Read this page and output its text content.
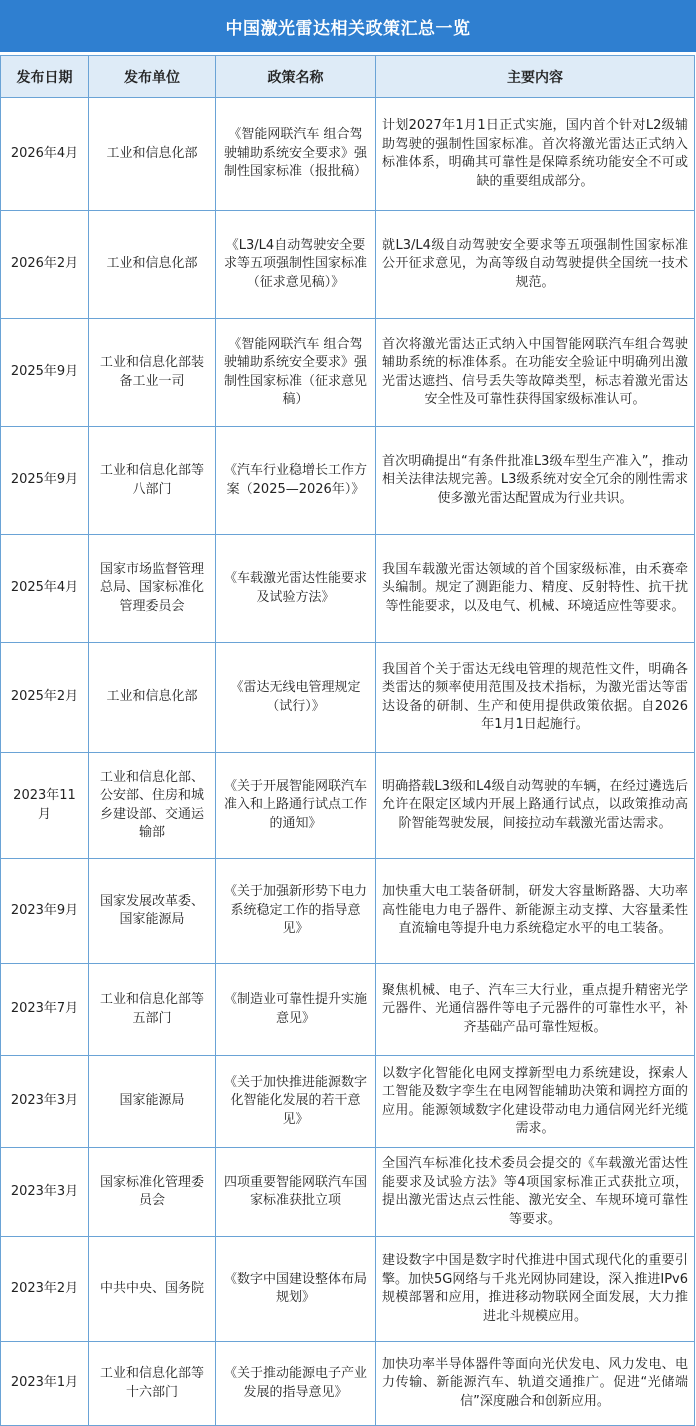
中国激光雷达相关政策汇总一览
发布日期	发布单位	政策名称	主要内容
2026年4月	工业和信息化部	《智能网联汽车 组合驾驶辅助系统安全要求》强制性国家标准（报批稿）	计划2027年1月1日正式实施，国内首个针对L2级辅助驾驶的强制性国家标准。首次将激光雷达正式纳入标准体系，明确其可靠性是保障系统功能安全不可或缺的重要组成部分。
2026年2月	工业和信息化部	《L3/L4自动驾驶安全要求等五项强制性国家标准（征求意见稿）》	就L3/L4级自动驾驶安全要求等五项强制性国家标准公开征求意见，为高等级自动驾驶提供全国统一技术规范。
2025年9月	工业和信息化部装备工业一司	《智能网联汽车 组合驾驶辅助系统安全要求》强制性国家标准（征求意见稿）	首次将激光雷达正式纳入中国智能网联汽车组合驾驶辅助系统的标准体系。在功能安全验证中明确列出激光雷达遮挡、信号丢失等故障类型，标志着激光雷达安全性及可靠性获得国家级标准认可。
2025年9月	工业和信息化部等八部门	《汽车行业稳增长工作方案（2025—2026年）》	首次明确提出“有条件批准L3级车型生产准入”，推动相关法律法规完善。L3级系统对安全冗余的刚性需求使多激光雷达配置成为行业共识。
2025年4月	国家市场监督管理总局、国家标准化管理委员会	《车载激光雷达性能要求及试验方法》	我国车载激光雷达领域的首个国家级标准，由禾赛牵头编制。规定了测距能力、精度、反射特性、抗干扰等性能要求，以及电气、机械、环境适应性等要求。
2025年2月	工业和信息化部	《雷达无线电管理规定（试行）》	我国首个关于雷达无线电管理的规范性文件，明确各类雷达的频率使用范围及技术指标，为激光雷达等雷达设备的研制、生产和使用提供政策依据。自2026年1月1日起施行。
2023年11月	工业和信息化部、公安部、住房和城乡建设部、交通运输部	《关于开展智能网联汽车准入和上路通行试点工作的通知》	明确搭载L3级和L4级自动驾驶的车辆，在经过遴选后允许在限定区域内开展上路通行试点，以政策推动高阶智能驾驶发展，间接拉动车载激光雷达需求。
2023年9月	国家发展改革委、国家能源局	《关于加强新形势下电力系统稳定工作的指导意见》	加快重大电工装备研制，研发大容量断路器、大功率高性能电力电子器件、新能源主动支撑、大容量柔性直流输电等提升电力系统稳定水平的电工装备。
2023年7月	工业和信息化部等五部门	《制造业可靠性提升实施意见》	聚焦机械、电子、汽车三大行业，重点提升精密光学元器件、光通信器件等电子元器件的可靠性水平，补齐基础产品可靠性短板。
2023年3月	国家能源局	《关于加快推进能源数字化智能化发展的若干意见》	以数字化智能化电网支撑新型电力系统建设，探索人工智能及数字孪生在电网智能辅助决策和调控方面的应用。能源领域数字化建设带动电力通信网光纤光缆需求。
2023年3月	国家标准化管理委员会	四项重要智能网联汽车国家标准获批立项	全国汽车标准化技术委员会提交的《车载激光雷达性能要求及试验方法》等4项国家标准正式获批立项，提出激光雷达点云性能、激光安全、车规环境可靠性等要求。
2023年2月	中共中央、国务院	《数字中国建设整体布局规划》	建设数字中国是数字时代推进中国式现代化的重要引擎。加快5G网络与千兆光网协同建设，深入推进IPv6规模部署和应用，推进移动物联网全面发展，大力推进北斗规模应用。
2023年1月	工业和信息化部等十六部门	《关于推动能源电子产业发展的指导意见》	加快功率半导体器件等面向光伏发电、风力发电、电力传输、新能源汽车、轨道交通推广。促进“光储端信”深度融合和创新应用。
